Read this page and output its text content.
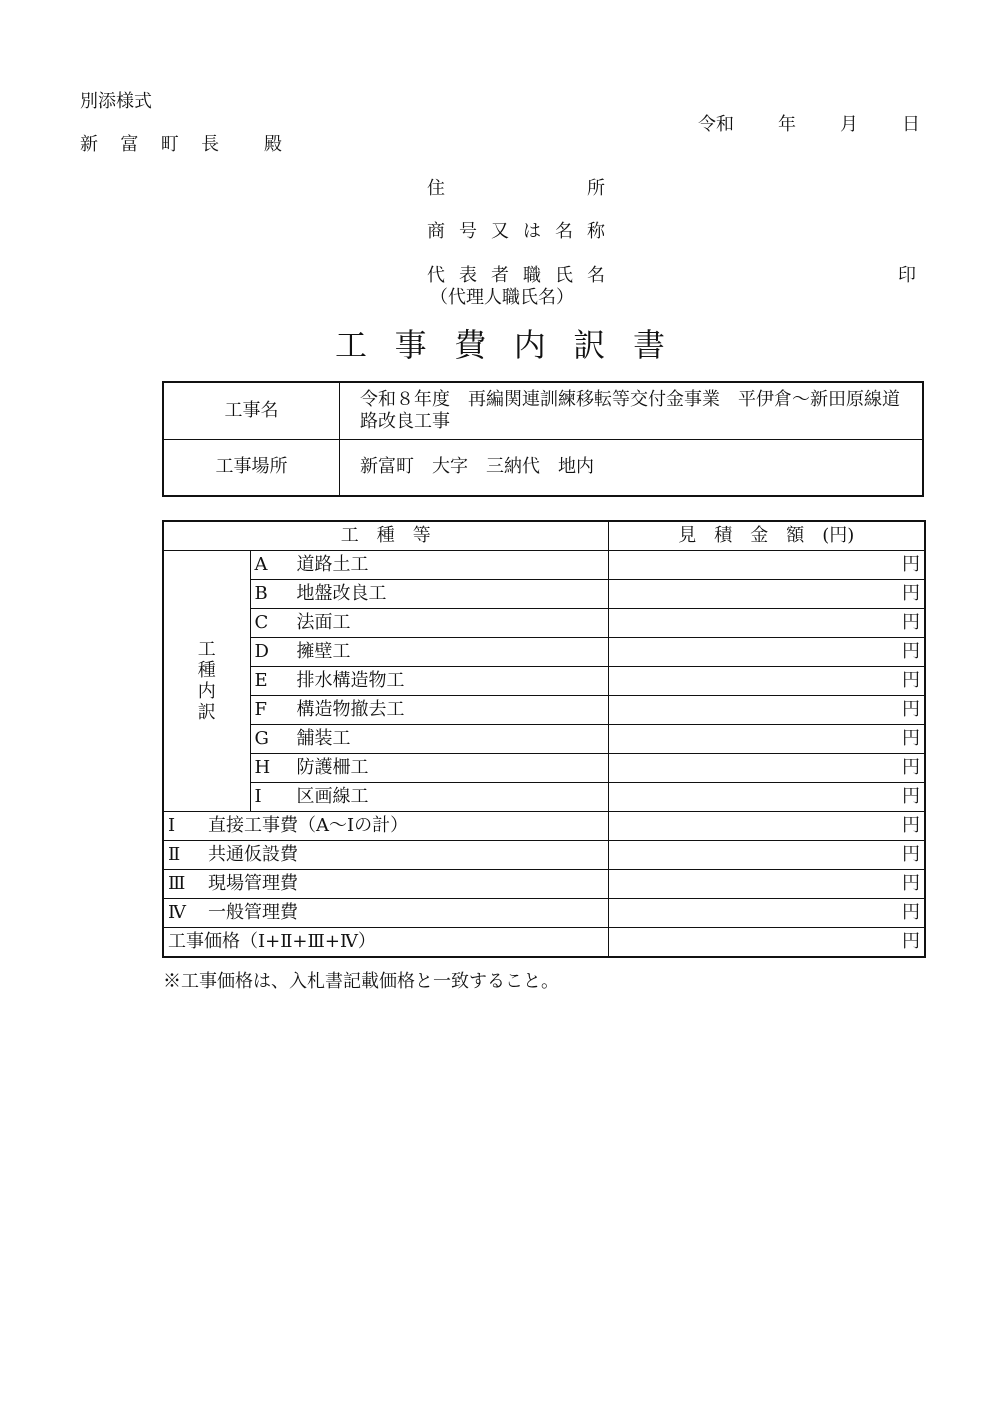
別添様式
新 富 町 長 殿
令和 年 月 日
住	所
商 号 又 は 名 称
代 表 者 職 氏 名
（代理人職氏名）
印
工 事 費 内 訳 書
工事名	令和８年度　再編関連訓練移転等交付金事業　平伊倉～新田原線道路改良工事
工事場所	新富町　大字　三納代　地内
工　種　等		見　積　金　額　(円)
工種内訳	A 道路土工	円
	B 地盤改良工	円
	C 法面工	円
	D 擁壁工	円
	E 排水構造物工	円
	F 構造物撤去工	円
	G 舗装工	円
	H 防護柵工	円
	I 区画線工	円
Ⅰ 直接工事費（A～Iの計）		円
Ⅱ 共通仮設費		円
Ⅲ 現場管理費		円
Ⅳ 一般管理費		円
工事価格（Ⅰ+Ⅱ+Ⅲ+Ⅳ）		円
※工事価格は、入札書記載価格と一致すること。
